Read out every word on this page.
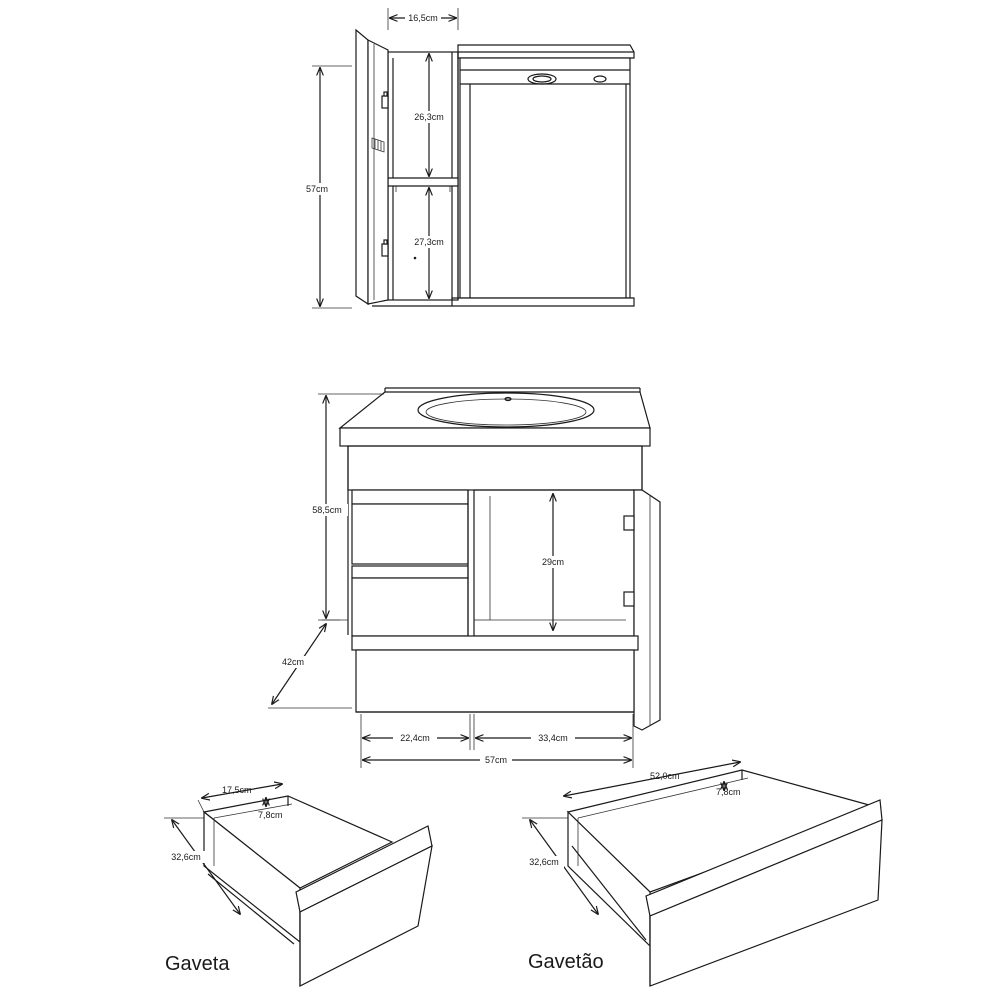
16,5cm
26,3cm
27,3cm
57cm
58,5cm
29cm
42cm
22,4cm	33,4cm
57cm
17,5cm
7,8cm
32,6cm
Gaveta
52,0cm
7,8cm
32,6cm
Gavetão
